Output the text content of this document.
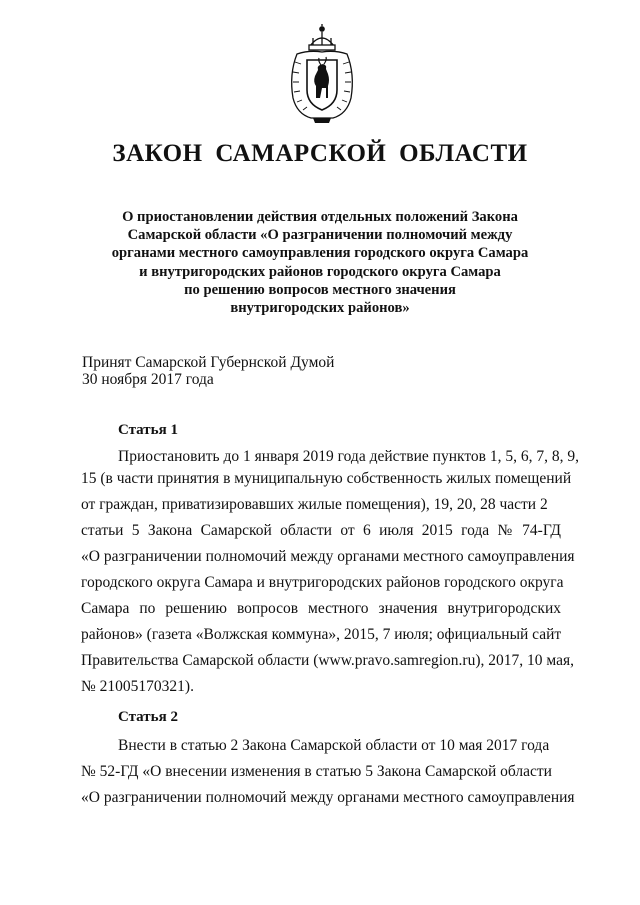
ЗАКОН САМАРСКОЙ ОБЛАСТИ
О приостановлении действия отдельных положений Закона
Самарской области «О разграничении полномочий между
органами местного самоуправления городского округа Самара
и внутригородских районов городского округа Самара
по решению вопросов местного значения
внутригородских районов»
Принят Самарской Губернской Думой
30 ноября 2017 года
Статья 1
Приостановить до 1 января 2019 года действие пунктов 1, 5, 6, 7, 8, 9,
15 (в части принятия в муниципальную собственность жилых помещений
от граждан, приватизировавших жилые помещения), 19, 20, 28 части 2
статьи 5 Закона Самарской области от 6 июля 2015 года № 74-ГД
«О разграничении полномочий между органами местного самоуправления
городского округа Самара и внутригородских районов городского округа
Самара по решению вопросов местного значения внутригородских
районов» (газета «Волжская коммуна», 2015, 7 июля; официальный сайт
Правительства Самарской области (www.pravo.samregion.ru), 2017, 10 мая,
№ 21005170321).
Статья 2
Внести в статью 2 Закона Самарской области от 10 мая 2017 года
№ 52-ГД «О внесении изменения в статью 5 Закона Самарской области
«О разграничении полномочий между органами местного самоуправления
